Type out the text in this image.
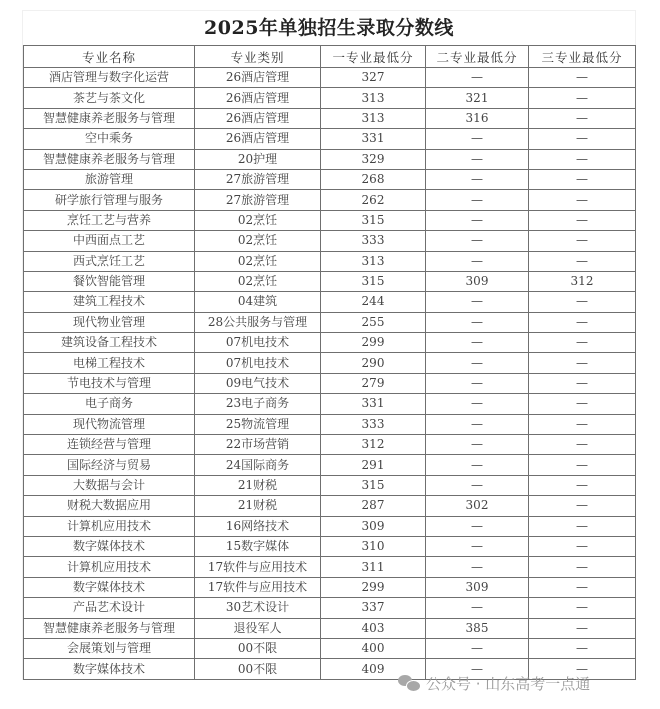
2025年单独招生录取分数线
专业名称	专业类别	一专业最低分	二专业最低分	三专业最低分
酒店管理与数字化运营	26酒店管理	327	—	—
茶艺与茶文化	26酒店管理	313	321	—
智慧健康养老服务与管理	26酒店管理	313	316	—
空中乘务	26酒店管理	331	—	—
智慧健康养老服务与管理	20护理	329	—	—
旅游管理	27旅游管理	268	—	—
研学旅行管理与服务	27旅游管理	262	—	—
烹饪工艺与营养	02烹饪	315	—	—
中西面点工艺	02烹饪	333	—	—
西式烹饪工艺	02烹饪	313	—	—
餐饮智能管理	02烹饪	315	309	312
建筑工程技术	04建筑	244	—	—
现代物业管理	28公共服务与管理	255	—	—
建筑设备工程技术	07机电技术	299	—	—
电梯工程技术	07机电技术	290	—	—
节电技术与管理	09电气技术	279	—	—
电子商务	23电子商务	331	—	—
现代物流管理	25物流管理	333	—	—
连锁经营与管理	22市场营销	312	—	—
国际经济与贸易	24国际商务	291	—	—
大数据与会计	21财税	315	—	—
财税大数据应用	21财税	287	302	—
计算机应用技术	16网络技术	309	—	—
数字媒体技术	15数字媒体	310	—	—
计算机应用技术	17软件与应用技术	311	—	—
数字媒体技术	17软件与应用技术	299	309	—
产品艺术设计	30艺术设计	337	—	—
智慧健康养老服务与管理	退役军人	403	385	—
会展策划与管理	00不限	400	—	—
数字媒体技术	00不限	409	—	—
公众号 · 山东高考一点通
